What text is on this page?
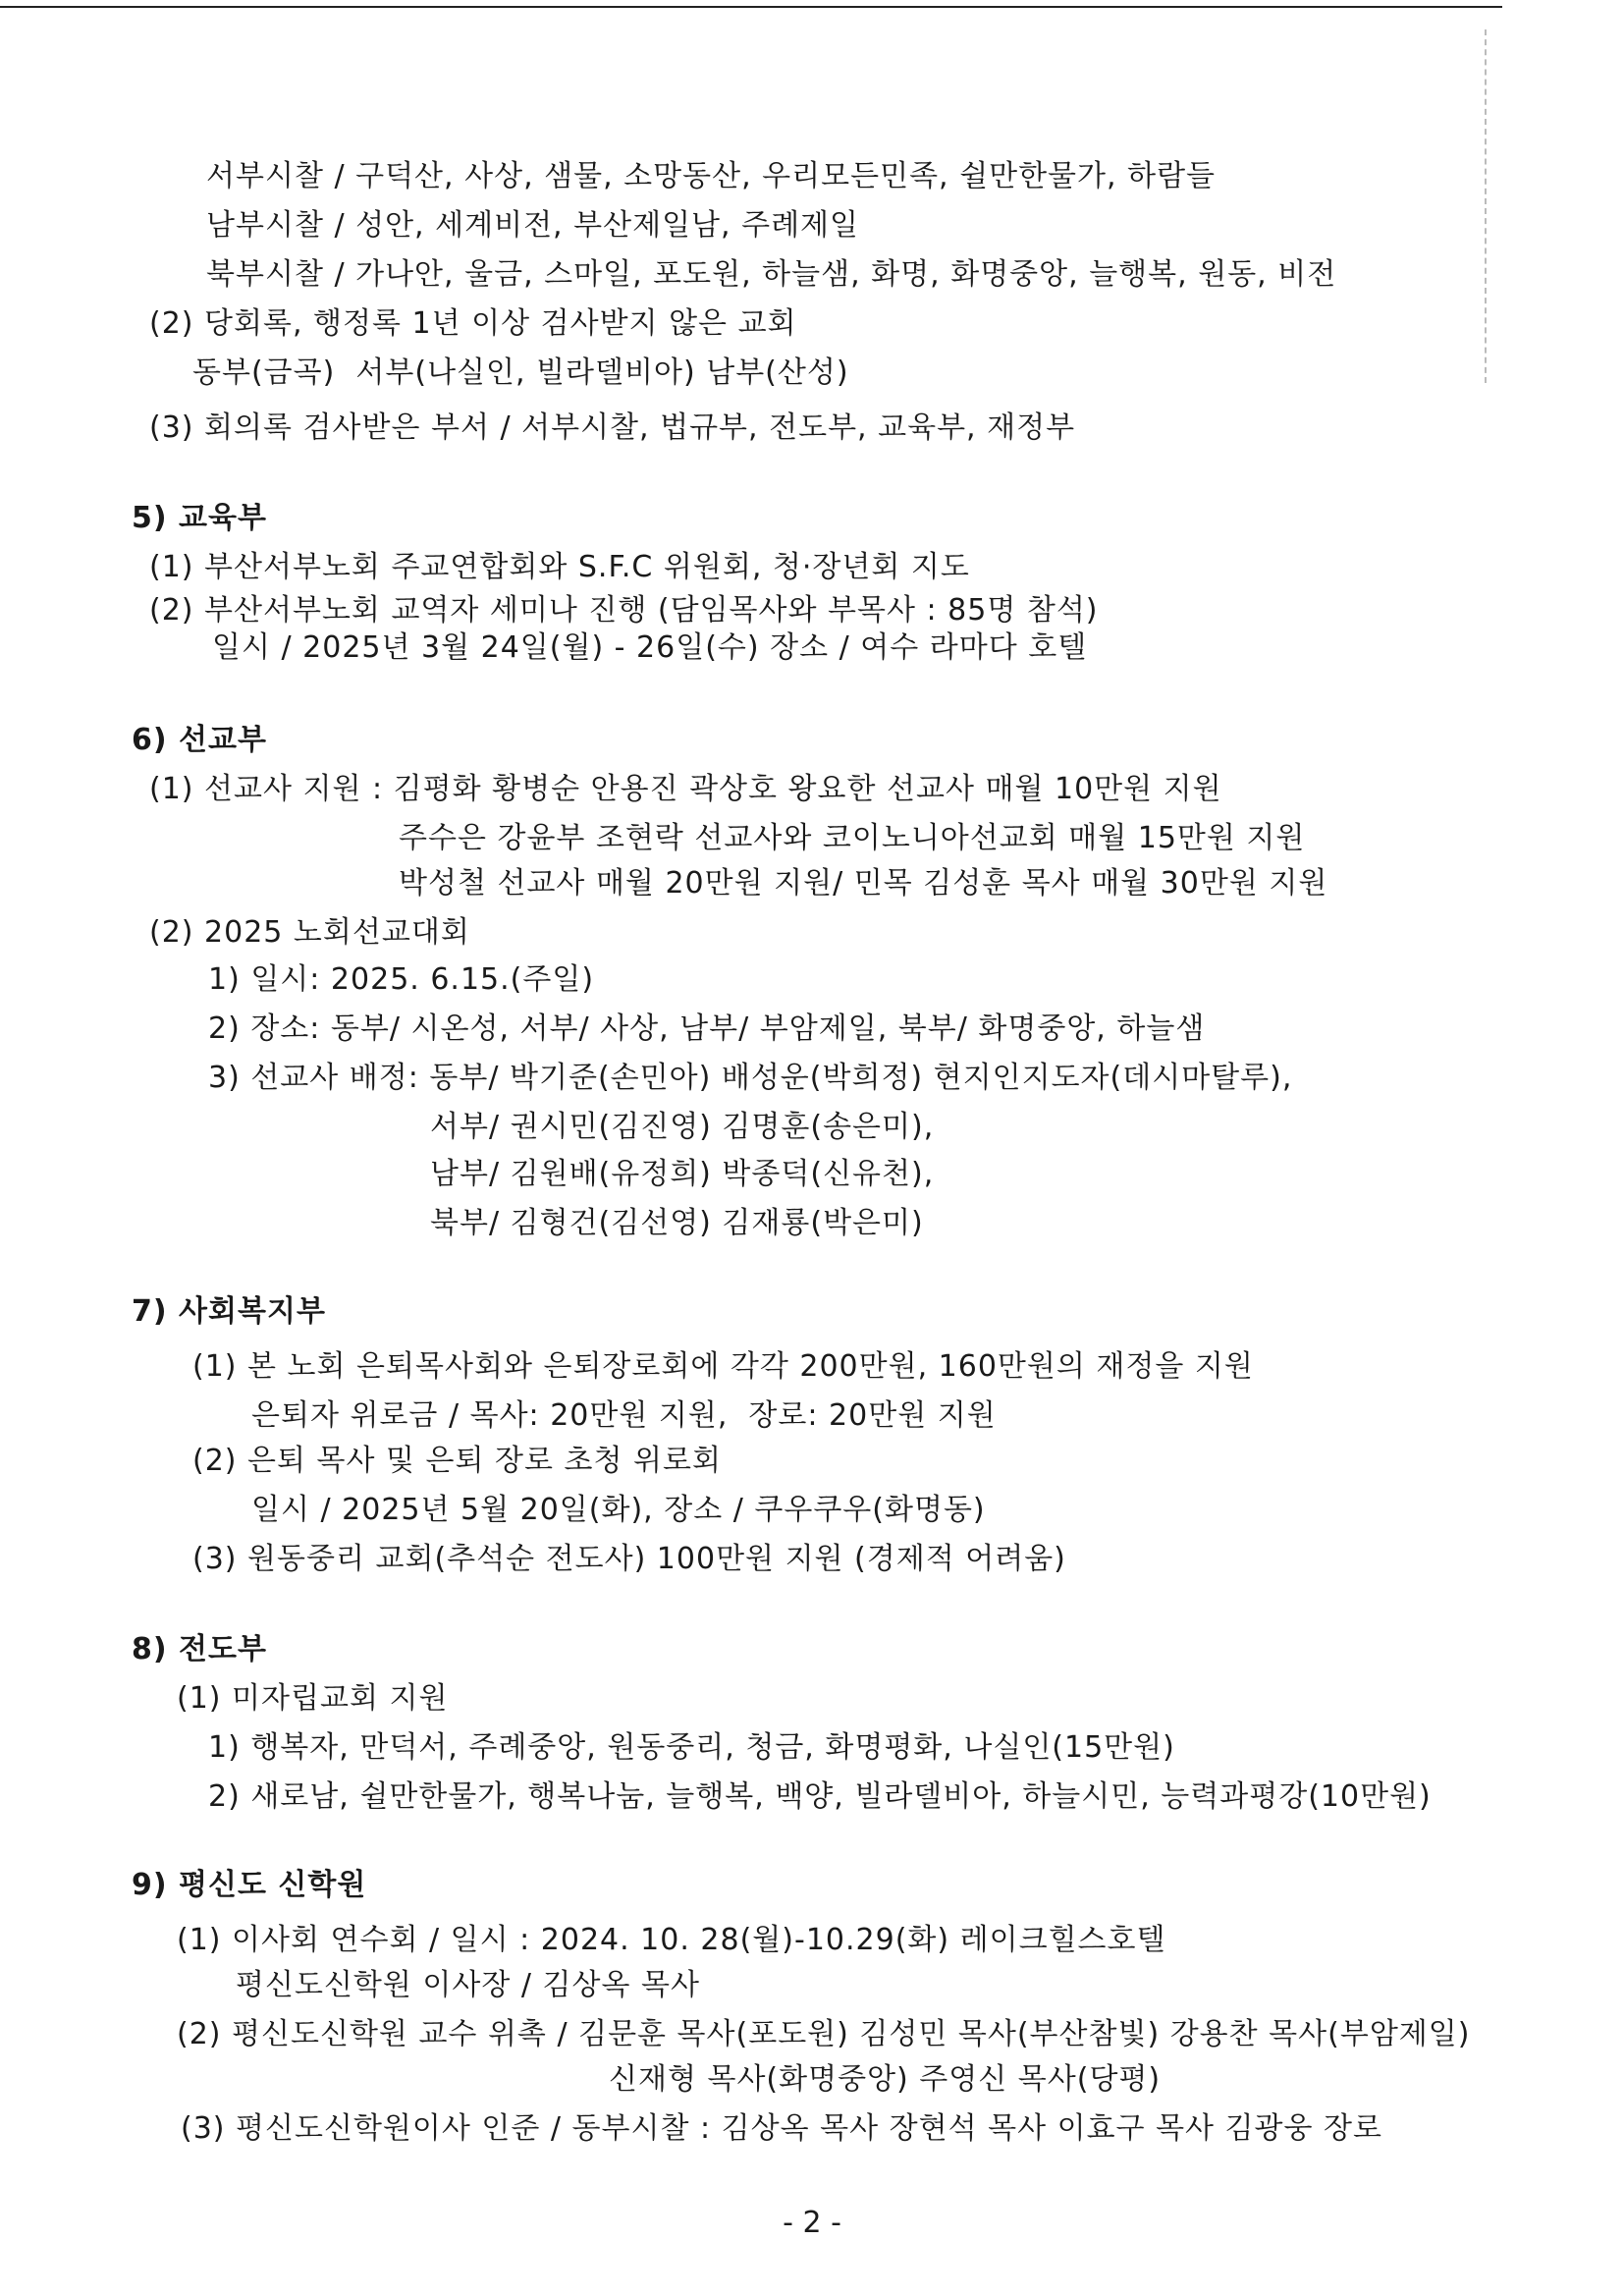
서부시찰 / 구덕산, 사상, 샘물, 소망동산, 우리모든민족, 쉴만한물가, 하람들
남부시찰 / 성안, 세계비전, 부산제일남, 주례제일
북부시찰 / 가나안, 울금, 스마일, 포도원, 하늘샘, 화명, 화명중앙, 늘행복, 원동, 비전
(2) 당회록, 행정록 1년 이상 검사받지 않은 교회
동부(금곡)  서부(나실인, 빌라델비아) 남부(산성)
(3) 회의록 검사받은 부서 / 서부시찰, 법규부, 전도부, 교육부, 재정부
5) 교육부
(1) 부산서부노회 주교연합회와 S.F.C 위원회, 청·장년회 지도
(2) 부산서부노회 교역자 세미나 진행 (담임목사와 부목사 : 85명 참석)
일시 / 2025년 3월 24일(월) - 26일(수) 장소 / 여수 라마다 호텔
6) 선교부
(1) 선교사 지원 : 김평화 황병순 안용진 곽상호 왕요한 선교사 매월 10만원 지원
주수은 강윤부 조현락 선교사와 코이노니아선교회 매월 15만원 지원
박성철 선교사 매월 20만원 지원/ 민목 김성훈 목사 매월 30만원 지원
(2) 2025 노회선교대회
1) 일시: 2025. 6.15.(주일)
2) 장소: 동부/ 시온성, 서부/ 사상, 남부/ 부암제일, 북부/ 화명중앙, 하늘샘
3) 선교사 배정: 동부/ 박기준(손민아) 배성운(박희정) 현지인지도자(데시마탈루),
서부/ 권시민(김진영) 김명훈(송은미),
남부/ 김원배(유정희) 박종덕(신유천),
북부/ 김형건(김선영) 김재룡(박은미)
7) 사회복지부
(1) 본 노회 은퇴목사회와 은퇴장로회에 각각 200만원, 160만원의 재정을 지원
은퇴자 위로금 / 목사: 20만원 지원,  장로: 20만원 지원
(2) 은퇴 목사 및 은퇴 장로 초청 위로회
일시 / 2025년 5월 20일(화), 장소 / 쿠우쿠우(화명동)
(3) 원동중리 교회(추석순 전도사) 100만원 지원 (경제적 어려움)
8) 전도부
(1) 미자립교회 지원
1) 행복자, 만덕서, 주례중앙, 원동중리, 청금, 화명평화, 나실인(15만원)
2) 새로남, 쉴만한물가, 행복나눔, 늘행복, 백양, 빌라델비아, 하늘시민, 능력과평강(10만원)
9) 평신도 신학원
(1) 이사회 연수회 / 일시 : 2024. 10. 28(월)-10.29(화) 레이크힐스호텔
평신도신학원 이사장 / 김상옥 목사
(2) 평신도신학원 교수 위촉 / 김문훈 목사(포도원) 김성민 목사(부산참빛) 강용찬 목사(부암제일)
신재형 목사(화명중앙) 주영신 목사(당평)
(3) 평신도신학원이사 인준 / 동부시찰 : 김상옥 목사 장현석 목사 이효구 목사 김광웅 장로
- 2 -
